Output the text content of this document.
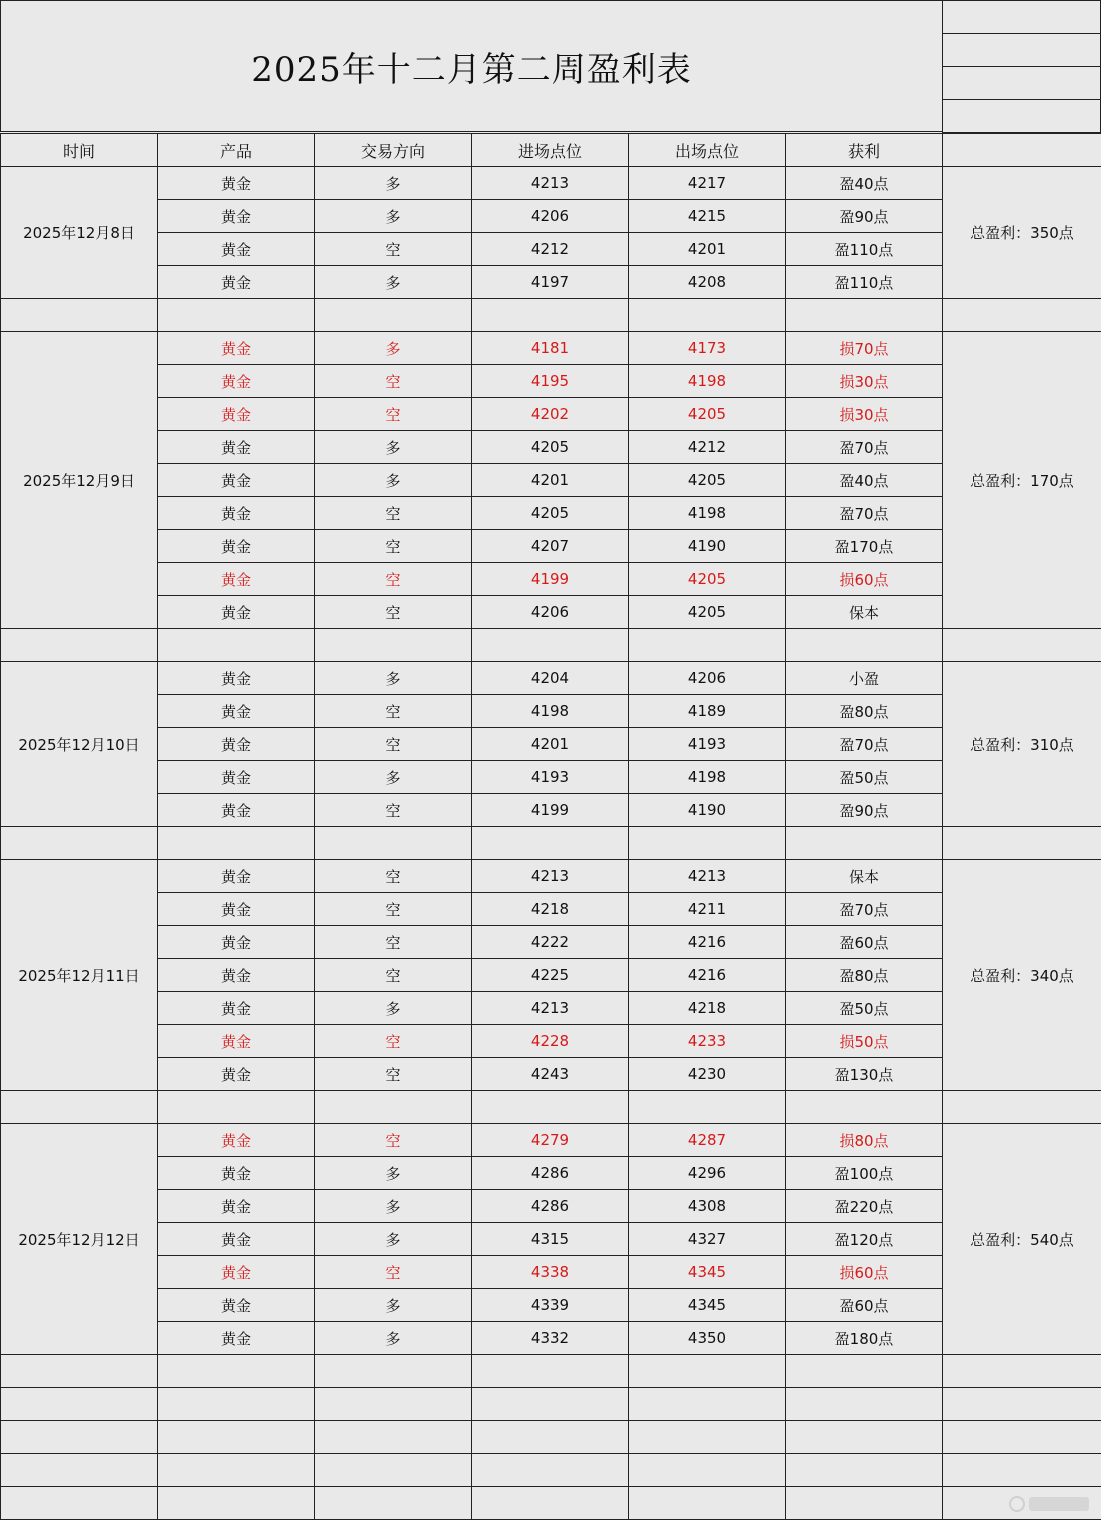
2025年十二月第二周盈利表
时间	产品	交易方向	进场点位	出场点位	获利
2025年12月8日	总盈利：350点
黄金	多	4213	4217	盈40点
黄金	多	4206	4215	盈90点
黄金	空	4212	4201	盈110点
黄金	多	4197	4208	盈110点
2025年12月9日	总盈利：170点
黄金	多	4181	4173	损70点
黄金	空	4195	4198	损30点
黄金	空	4202	4205	损30点
黄金	多	4205	4212	盈70点
黄金	多	4201	4205	盈40点
黄金	空	4205	4198	盈70点
黄金	空	4207	4190	盈170点
黄金	空	4199	4205	损60点
黄金	空	4206	4205	保本
2025年12月10日	总盈利：310点
黄金	多	4204	4206	小盈
黄金	空	4198	4189	盈80点
黄金	空	4201	4193	盈70点
黄金	多	4193	4198	盈50点
黄金	空	4199	4190	盈90点
2025年12月11日	总盈利：340点
黄金	空	4213	4213	保本
黄金	空	4218	4211	盈70点
黄金	空	4222	4216	盈60点
黄金	空	4225	4216	盈80点
黄金	多	4213	4218	盈50点
黄金	空	4228	4233	损50点
黄金	空	4243	4230	盈130点
2025年12月12日	总盈利：540点
黄金	空	4279	4287	损80点
黄金	多	4286	4296	盈100点
黄金	多	4286	4308	盈220点
黄金	多	4315	4327	盈120点
黄金	空	4338	4345	损60点
黄金	多	4339	4345	盈60点
黄金	多	4332	4350	盈180点
